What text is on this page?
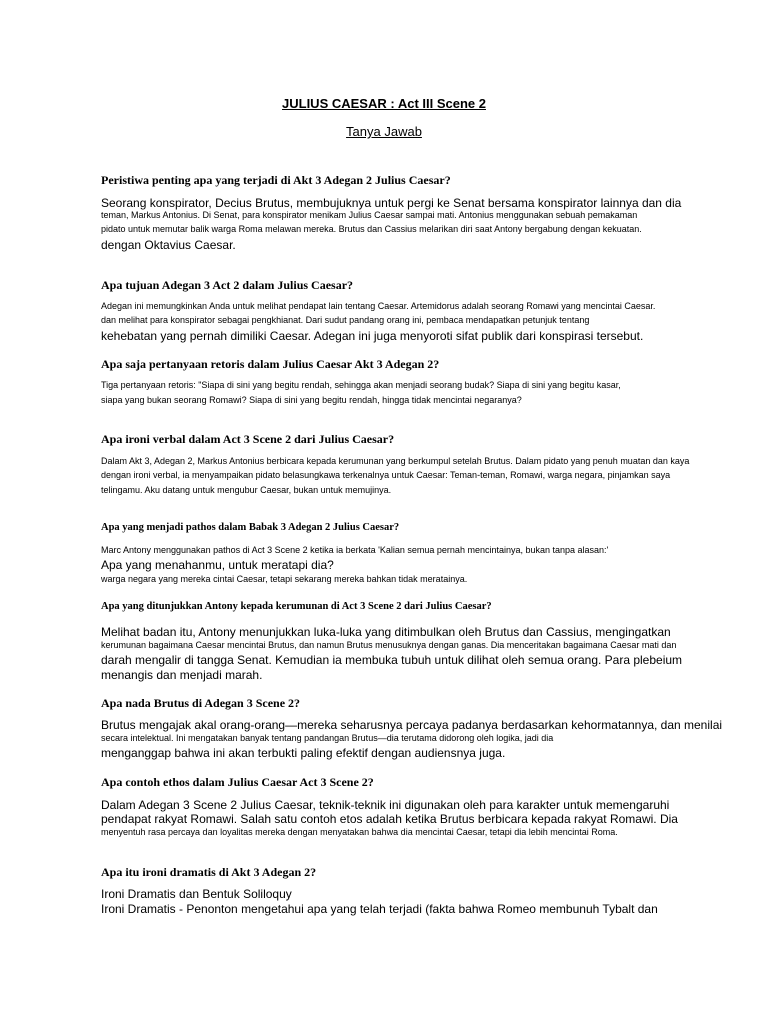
JULIUS CAESAR : Act III Scene 2
Tanya Jawab
Peristiwa penting apa yang terjadi di Akt 3 Adegan 2 Julius Caesar?
Seorang konspirator, Decius Brutus, membujuknya untuk pergi ke Senat bersama konspirator lainnya dan dia
teman, Markus Antonius. Di Senat, para konspirator menikam Julius Caesar sampai mati. Antonius menggunakan sebuah pemakaman
pidato untuk memutar balik warga Roma melawan mereka. Brutus dan Cassius melarikan diri saat Antony bergabung dengan kekuatan.
dengan Oktavius Caesar.
Apa tujuan Adegan 3 Act 2 dalam Julius Caesar?
Adegan ini memungkinkan Anda untuk melihat pendapat lain tentang Caesar. Artemidorus adalah seorang Romawi yang mencintai Caesar.
dan melihat para konspirator sebagai pengkhianat. Dari sudut pandang orang ini, pembaca mendapatkan petunjuk tentang
kehebatan yang pernah dimiliki Caesar. Adegan ini juga menyoroti sifat publik dari konspirasi tersebut.
Apa saja pertanyaan retoris dalam Julius Caesar Akt 3 Adegan 2?
Tiga pertanyaan retoris: "Siapa di sini yang begitu rendah, sehingga akan menjadi seorang budak? Siapa di sini yang begitu kasar,
siapa yang bukan seorang Romawi? Siapa di sini yang begitu rendah, hingga tidak mencintai negaranya?
Apa ironi verbal dalam Act 3 Scene 2 dari Julius Caesar?
Dalam Akt 3, Adegan 2, Markus Antonius berbicara kepada kerumunan yang berkumpul setelah Brutus. Dalam pidato yang penuh muatan dan kaya
dengan ironi verbal, ia menyampaikan pidato belasungkawa terkenalnya untuk Caesar: Teman-teman, Romawi, warga negara, pinjamkan saya
telingamu. Aku datang untuk mengubur Caesar, bukan untuk memujinya.
Apa yang menjadi pathos dalam Babak 3 Adegan 2 Julius Caesar?
Marc Antony menggunakan pathos di Act 3 Scene 2 ketika ia berkata 'Kalian semua pernah mencintainya, bukan tanpa alasan:'
Apa yang menahanmu, untuk meratapi dia?
warga negara yang mereka cintai Caesar, tetapi sekarang mereka bahkan tidak meratainya.
Apa yang ditunjukkan Antony kepada kerumunan di Act 3 Scene 2 dari Julius Caesar?
Melihat badan itu, Antony menunjukkan luka-luka yang ditimbulkan oleh Brutus dan Cassius, mengingatkan
kerumunan bagaimana Caesar mencintai Brutus, dan namun Brutus menusuknya dengan ganas. Dia menceritakan bagaimana Caesar mati dan
darah mengalir di tangga Senat. Kemudian ia membuka tubuh untuk dilihat oleh semua orang. Para plebeium
menangis dan menjadi marah.
Apa nada Brutus di Adegan 3 Scene 2?
Brutus mengajak akal orang-orang—mereka seharusnya percaya padanya berdasarkan kehormatannya, dan menilai
secara intelektual. Ini mengatakan banyak tentang pandangan Brutus—dia terutama didorong oleh logika, jadi dia
menganggap bahwa ini akan terbukti paling efektif dengan audiensnya juga.
Apa contoh ethos dalam Julius Caesar Act 3 Scene 2?
Dalam Adegan 3 Scene 2 Julius Caesar, teknik-teknik ini digunakan oleh para karakter untuk memengaruhi
pendapat rakyat Romawi. Salah satu contoh etos adalah ketika Brutus berbicara kepada rakyat Romawi. Dia
menyentuh rasa percaya dan loyalitas mereka dengan menyatakan bahwa dia mencintai Caesar, tetapi dia lebih mencintai Roma.
Apa itu ironi dramatis di Akt 3 Adegan 2?
Ironi Dramatis dan Bentuk Soliloquy
Ironi Dramatis - Penonton mengetahui apa yang telah terjadi (fakta bahwa Romeo membunuh Tybalt dan
